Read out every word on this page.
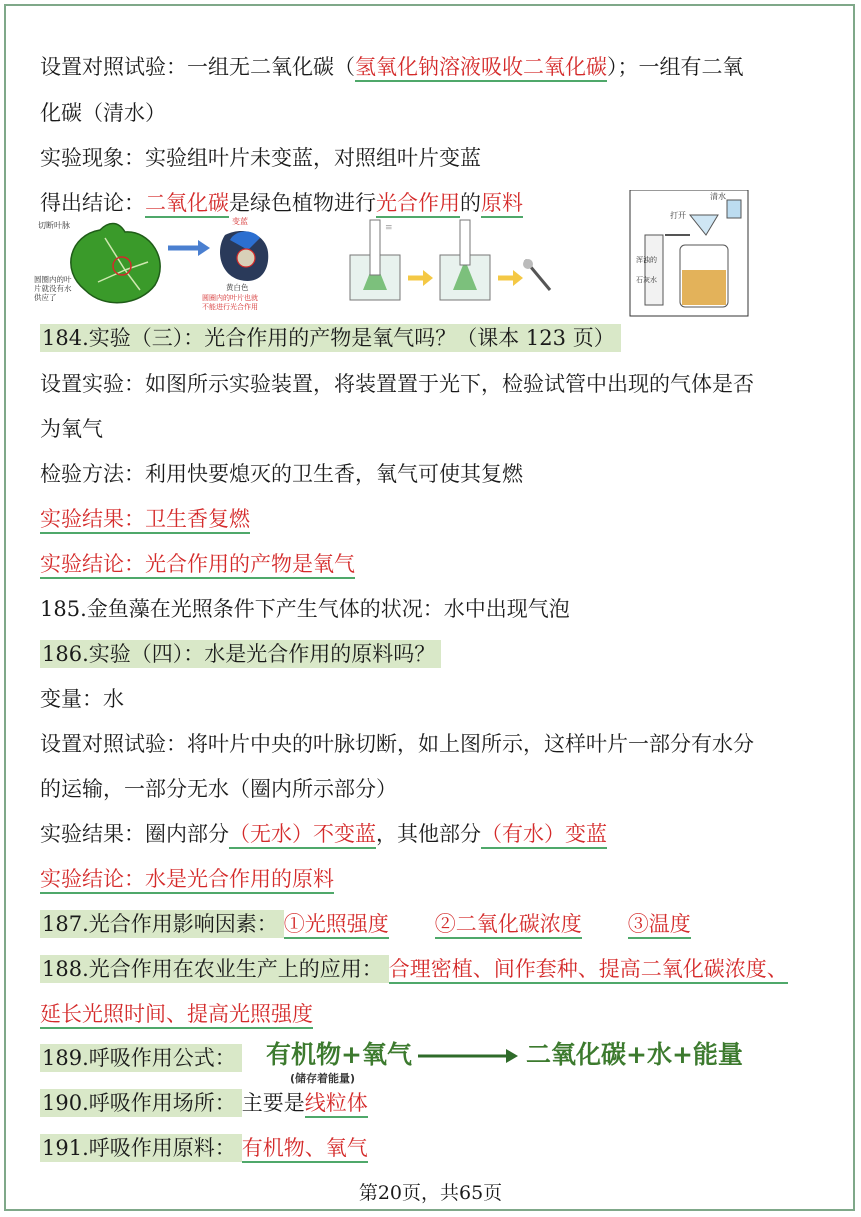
设置对照试验：一组无二氧化碳（氢氧化钠溶液吸收二氧化碳）；一组有二氧
化碳（清水）
实验现象：实验组叶片未变蓝，对照组叶片变蓝
得出结论：二氧化碳是绿色植物进行光合作用的原料
切断叶脉
圆圈内的叶
片就没有水
供应了
变蓝
黄白色
圆圈内的叶片也就
不能进行光合作用
≡
清水
打开
浑浊的
石灰水
184.实验（三）：光合作用的产物是氧气吗？（课本 123 页）
设置实验：如图所示实验装置，将装置置于光下，检验试管中出现的气体是否
为氧气
检验方法：利用快要熄灭的卫生香，氧气可使其复燃
实验结果：卫生香复燃
实验结论：光合作用的产物是氧气
185.金鱼藻在光照条件下产生气体的状况：水中出现气泡
186.实验（四）：水是光合作用的原料吗？
变量：水
设置对照试验：将叶片中央的叶脉切断，如上图所示，这样叶片一部分有水分
的运输，一部分无水（圈内所示部分）
实验结果：圈内部分（无水）不变蓝，其他部分（有水）变蓝
实验结论：水是光合作用的原料
187.光合作用影响因素： ①光照强度 ②二氧化碳浓度 ③温度
188.光合作用在农业生产上的应用： 合理密植、间作套种、提高二氧化碳浓度、
延长光照时间、提高光照强度
189.呼吸作用公式： 有机物+氧气
(储存着能量)
二氧化碳+水+能量
190.呼吸作用场所： 主要是线粒体
191.呼吸作用原料： 有机物、氧气
第20页，共65页
